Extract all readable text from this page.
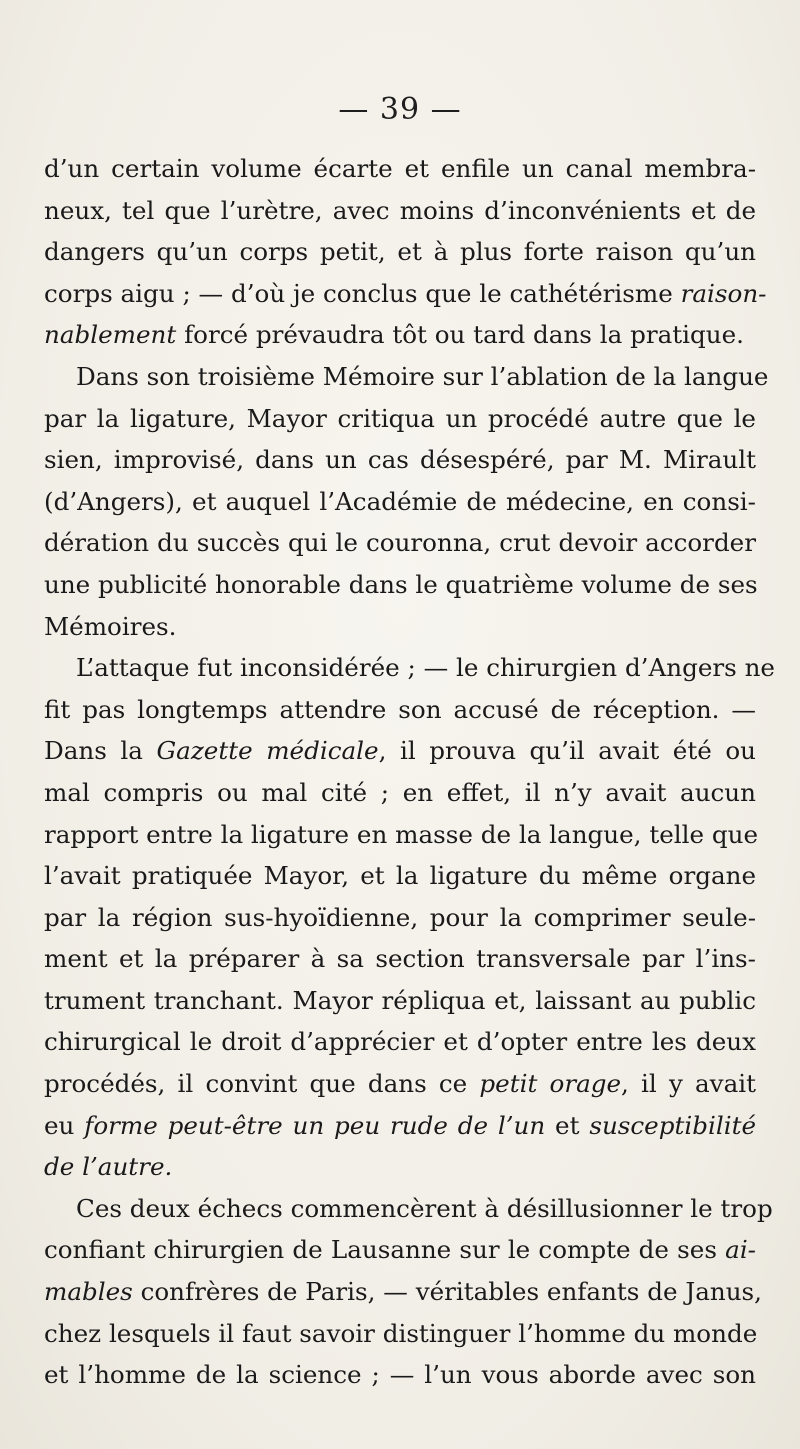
— 39 —
d’un certain volume écarte et enfile un canal membra-
neux, tel que l’urètre, avec moins d’inconvénients et de
dangers qu’un corps petit, et à plus forte raison qu’un
corps aigu ; — d’où je conclus que le cathétérisme raison-
nablement forcé prévaudra tôt ou tard dans la pratique.
Dans son troisième Mémoire sur l’ablation de la langue
par la ligature, Mayor critiqua un procédé autre que le
sien, improvisé, dans un cas désespéré, par M. Mirault
(d’Angers), et auquel l’Académie de médecine, en consi-
dération du succès qui le couronna, crut devoir accorder
une publicité honorable dans le quatrième volume de ses
Mémoires.
L’attaque fut inconsidérée ; — le chirurgien d’Angers ne
fit pas longtemps attendre son accusé de réception. —
Dans la Gazette médicale, il prouva qu’il avait été ou
mal compris ou mal cité ; en effet, il n’y avait aucun
rapport entre la ligature en masse de la langue, telle que
l’avait pratiquée Mayor, et la ligature du même organe
par la région sus-hyoïdienne, pour la comprimer seule-
ment et la préparer à sa section transversale par l’ins-
trument tranchant. Mayor répliqua et, laissant au public
chirurgical le droit d’apprécier et d’opter entre les deux
procédés, il convint que dans ce petit orage, il y avait
eu forme peut-être un peu rude de l’un et susceptibilité
de l’autre.
Ces deux échecs commencèrent à désillusionner le trop
confiant chirurgien de Lausanne sur le compte de ses ai-
mables confrères de Paris, — véritables enfants de Janus,
chez lesquels il faut savoir distinguer l’homme du monde
et l’homme de la science ; — l’un vous aborde avec son
